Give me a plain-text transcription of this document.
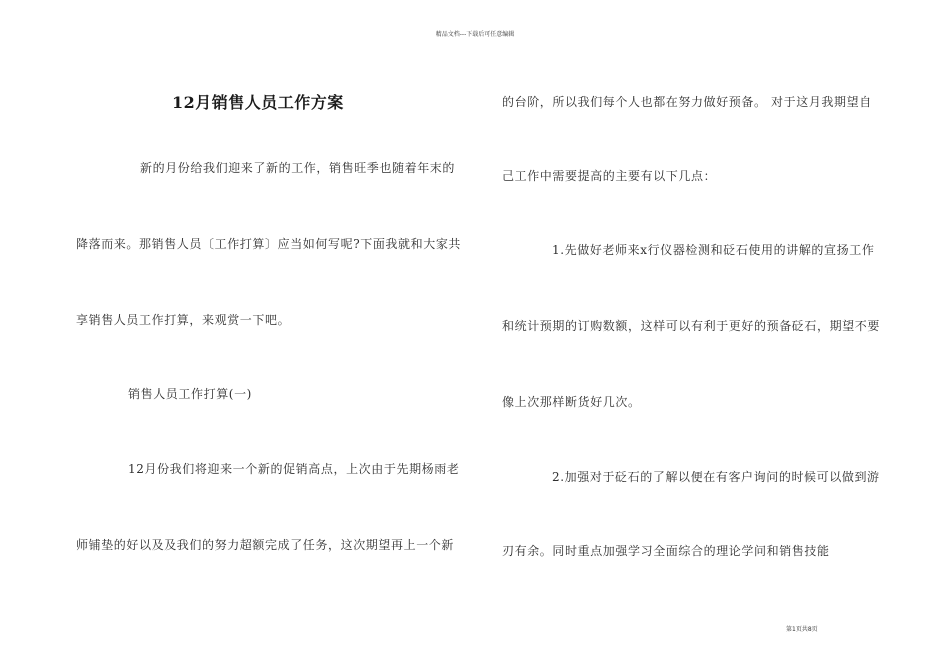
精品文档---下载后可任意编辑
12月销售人员工作方案
新的月份给我们迎来了新的工作，销售旺季也随着年末的
降落而来。那销售人员〔工作打算〕应当如何写呢?下面我就和大家共
享销售人员工作打算，来观赏一下吧。
销售人员工作打算(一)
12月份我们将迎来一个新的促销高点，上次由于先期杨雨老
师铺垫的好以及及我们的努力超额完成了任务，这次期望再上一个新
的台阶，所以我们每个人也都在努力做好预备。 对于这月我期望自
己工作中需要提高的主要有以下几点：
1.先做好老师来x行仪器检测和砭石使用的讲解的宣扬工作
和统计预期的订购数额，这样可以有利于更好的预备砭石，期望不要
像上次那样断货好几次。
2.加强对于砭石的了解以便在有客户询问的时候可以做到游
刃有余。同时重点加强学习全面综合的理论学问和销售技能
第1页共8页
